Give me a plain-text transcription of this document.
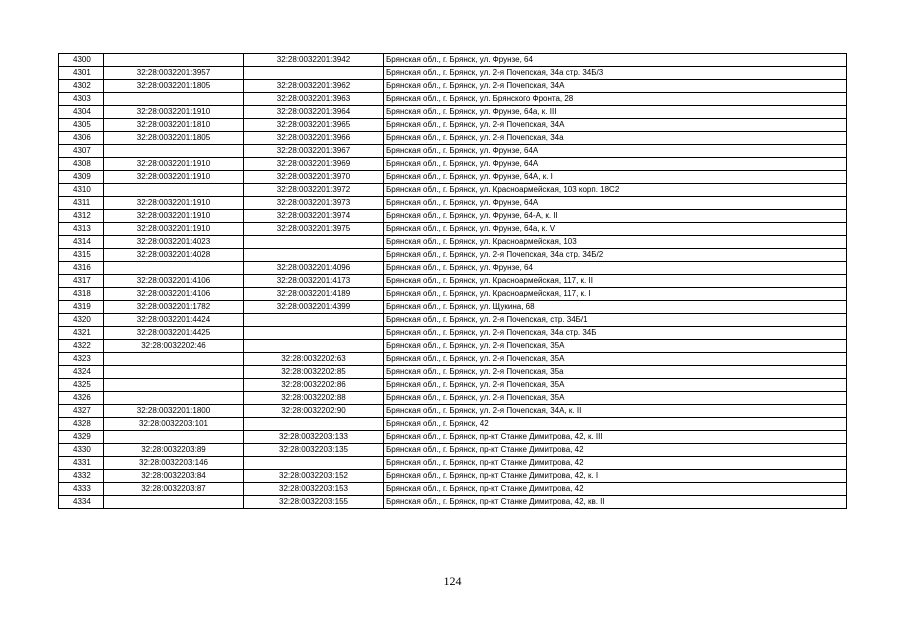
4300		32:28:0032201:3942	Брянская обл., г. Брянск, ул. Фрунзе, 64
4301	32:28:0032201:3957		Брянская обл., г. Брянск, ул. 2-я Почепская, 34а стр. 34Б/3
4302	32:28:0032201:1805	32:28:0032201:3962	Брянская обл., г. Брянск, ул. 2-я Почепская, 34А
4303		32:28:0032201:3963	Брянская обл., г. Брянск, ул. Брянского Фронта, 28
4304	32:28:0032201:1910	32:28:0032201:3964	Брянская обл., г. Брянск, ул. Фрунзе, 64а, к. III
4305	32:28:0032201:1810	32:28:0032201:3965	Брянская обл., г. Брянск, ул. 2-я Почепская, 34А
4306	32:28:0032201:1805	32:28:0032201:3966	Брянская обл., г. Брянск, ул. 2-я Почепская, 34а
4307		32:28:0032201:3967	Брянская обл., г. Брянск, ул. Фрунзе, 64А
4308	32:28:0032201:1910	32:28:0032201:3969	Брянская обл., г. Брянск, ул. Фрунзе, 64А
4309	32:28:0032201:1910	32:28:0032201:3970	Брянская обл., г. Брянск, ул. Фрунзе, 64А, к. I
4310		32:28:0032201:3972	Брянская обл., г. Брянск, ул. Красноармейская, 103 корп. 18С2
4311	32:28:0032201:1910	32:28:0032201:3973	Брянская обл., г. Брянск, ул. Фрунзе, 64А
4312	32:28:0032201:1910	32:28:0032201:3974	Брянская обл., г. Брянск, ул. Фрунзе, 64-А, к. II
4313	32:28:0032201:1910	32:28:0032201:3975	Брянская обл., г. Брянск, ул. Фрунзе, 64а, к. V
4314	32:28:0032201:4023		Брянская обл., г. Брянск, ул. Красноармейская, 103
4315	32:28:0032201:4028		Брянская обл., г. Брянск, ул. 2-я Почепская, 34а стр. 34Б/2
4316		32:28:0032201:4096	Брянская обл., г. Брянск, ул. Фрунзе, 64
4317	32:28:0032201:4106	32:28:0032201:4173	Брянская обл., г. Брянск, ул. Красноармейская, 117, к. II
4318	32:28:0032201:4106	32:28:0032201:4189	Брянская обл., г. Брянск, ул. Красноармейская, 117, к. I
4319	32:28:0032201:1782	32:28:0032201:4399	Брянская обл., г. Брянск, ул. Щукина, 68
4320	32:28:0032201:4424		Брянская обл., г. Брянск, ул. 2-я Почепская, стр. 34Б/1
4321	32:28:0032201:4425		Брянская обл., г. Брянск, ул. 2-я Почепская, 34а стр. 34Б
4322	32:28:0032202:46		Брянская обл., г. Брянск, ул. 2-я Почепская, 35А
4323		32:28:0032202:63	Брянская обл., г. Брянск, ул. 2-я Почепская, 35А
4324		32:28:0032202:85	Брянская обл., г. Брянск, ул. 2-я Почепская, 35а
4325		32:28:0032202:86	Брянская обл., г. Брянск, ул. 2-я Почепская, 35А
4326		32:28:0032202:88	Брянская обл., г. Брянск, ул. 2-я Почепская, 35А
4327	32:28:0032201:1800	32:28:0032202:90	Брянская обл., г. Брянск, ул. 2-я Почепская, 34А, к. II
4328	32:28:0032203:101		Брянская обл., г. Брянск, 42
4329		32:28:0032203:133	Брянская обл., г. Брянск, пр-кт Станке Димитрова, 42, к. III
4330	32:28:0032203:89	32:28:0032203:135	Брянская обл., г. Брянск, пр-кт Станке Димитрова, 42
4331	32:28:0032203:146		Брянская обл., г. Брянск, пр-кт Станке Димитрова, 42
4332	32:28:0032203:84	32:28:0032203:152	Брянская обл., г. Брянск, пр-кт Станке Димитрова, 42, к. I
4333	32:28:0032203:87	32:28:0032203:153	Брянская обл., г. Брянск, пр-кт Станке Димитрова, 42
4334		32:28:0032203:155	Брянская обл., г. Брянск, пр-кт Станке Димитрова, 42, кв. II
124
